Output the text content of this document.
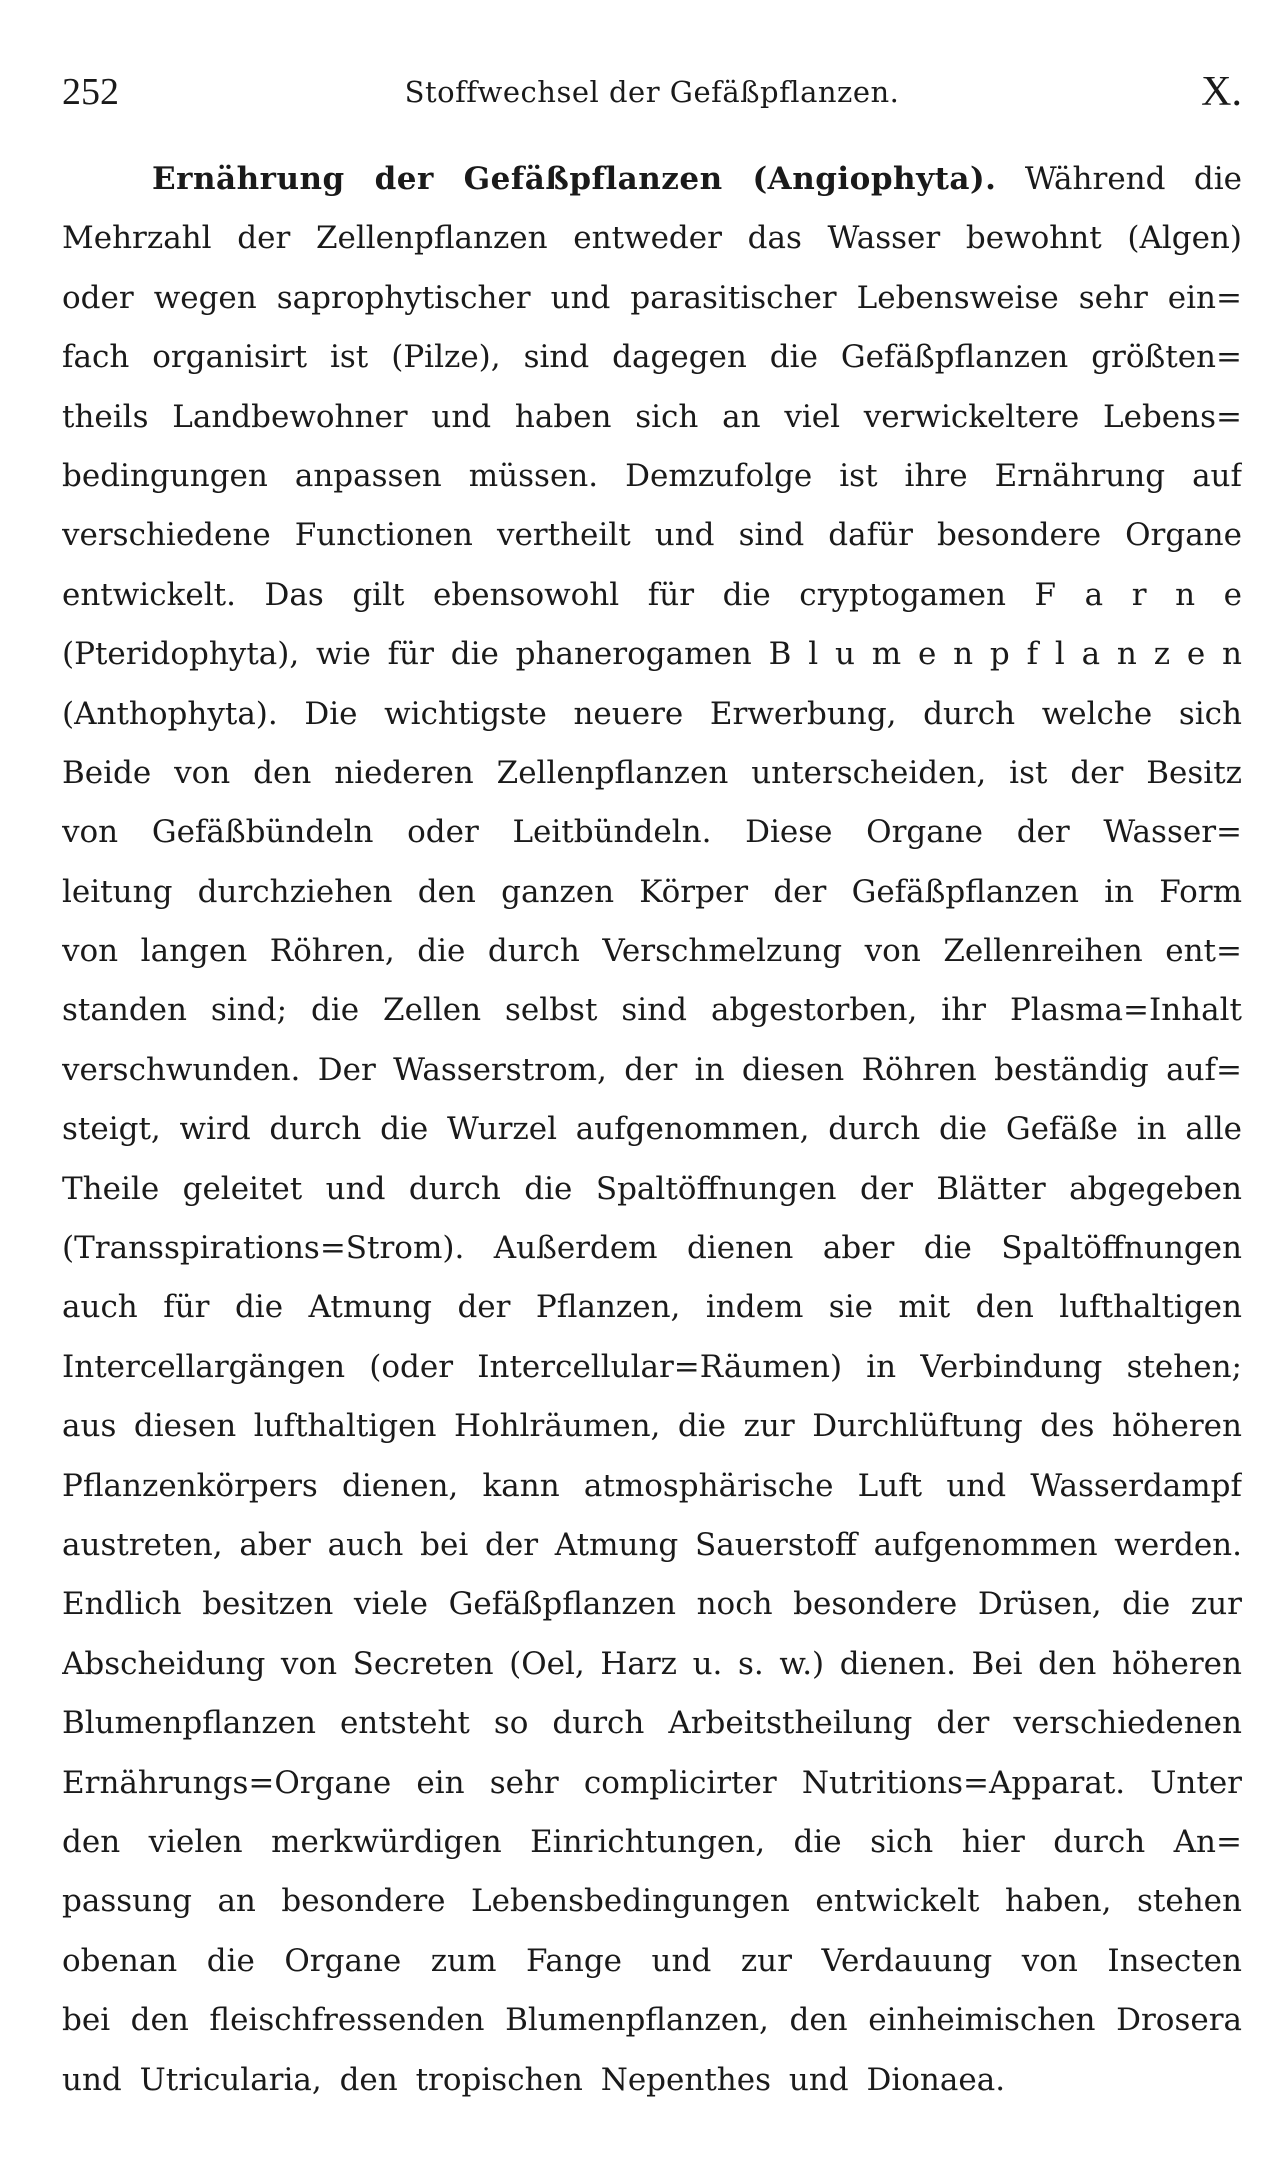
252	Stoffwechsel der Gefäßpflanzen.	X.
Ernährung der Gefäßpflanzen (Angiophyta). Während die
Mehrzahl der Zellenpflanzen entweder das Wasser bewohnt (Algen)
oder wegen saprophytischer und parasitischer Lebensweise sehr ein=
fach organisirt ist (Pilze), sind dagegen die Gefäßpflanzen größten=
theils Landbewohner und haben sich an viel verwickeltere Lebens=
bedingungen anpassen müssen. Demzufolge ist ihre Ernährung auf
verschiedene Functionen vertheilt und sind dafür besondere Organe
entwickelt. Das gilt ebensowohl für die cryptogamen F a r n e
(Pteridophyta), wie für die phanerogamen B l u m e n p f l a n z e n
(Anthophyta). Die wichtigste neuere Erwerbung, durch welche sich
Beide von den niederen Zellenpflanzen unterscheiden, ist der Besitz
von Gefäßbündeln oder Leitbündeln. Diese Organe der Wasser=
leitung durchziehen den ganzen Körper der Gefäßpflanzen in Form
von langen Röhren, die durch Verschmelzung von Zellenreihen ent=
standen sind; die Zellen selbst sind abgestorben, ihr Plasma=Inhalt
verschwunden. Der Wasserstrom, der in diesen Röhren beständig auf=
steigt, wird durch die Wurzel aufgenommen, durch die Gefäße in alle
Theile geleitet und durch die Spaltöffnungen der Blätter abgegeben
(Transspirations=Strom). Außerdem dienen aber die Spaltöffnungen
auch für die Atmung der Pflanzen, indem sie mit den lufthaltigen
Intercellargängen (oder Intercellular=Räumen) in Verbindung stehen;
aus diesen lufthaltigen Hohlräumen, die zur Durchlüftung des höheren
Pflanzenkörpers dienen, kann atmosphärische Luft und Wasserdampf
austreten, aber auch bei der Atmung Sauerstoff aufgenommen werden.
Endlich besitzen viele Gefäßpflanzen noch besondere Drüsen, die zur
Abscheidung von Secreten (Oel, Harz u. s. w.) dienen. Bei den höheren
Blumenpflanzen entsteht so durch Arbeitstheilung der verschiedenen
Ernährungs=Organe ein sehr complicirter Nutritions=Apparat. Unter
den vielen merkwürdigen Einrichtungen, die sich hier durch An=
passung an besondere Lebensbedingungen entwickelt haben, stehen
obenan die Organe zum Fange und zur Verdauung von Insecten
bei den fleischfressenden Blumenpflanzen, den einheimischen Drosera
und Utricularia, den tropischen Nepenthes und Dionaea.
